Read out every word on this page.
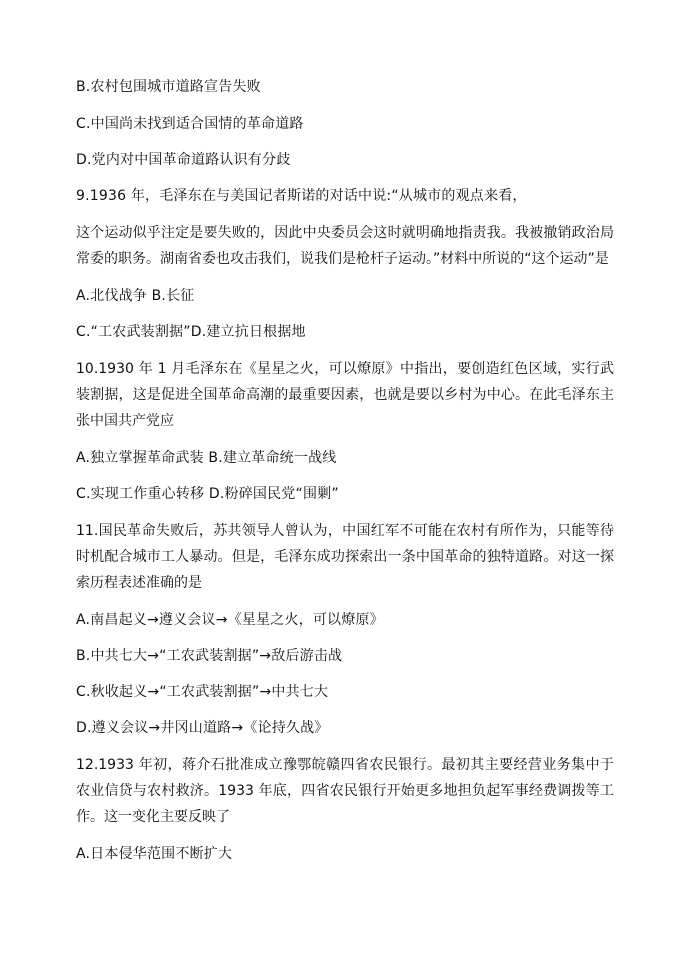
B.农村包围城市道路宣告失败
C.中国尚未找到适合国情的革命道路
D.党内对中国革命道路认识有分歧
9.1936 年，毛泽东在与美国记者斯诺的对话中说:“从城市的观点来看，
这个运动似乎注定是要失败的，因此中央委员会这时就明确地指责我。我被撤销政治局常委的职务。湖南省委也攻击我们，说我们是枪杆子运动。”材料中所说的“这个运动”是
A.北伐战争 B.长征
C.“工农武装割据”D.建立抗日根据地
10.1930 年 1 月毛泽东在《星星之火，可以燎原》中指出，要创造红色区域，实行武装割据，这是促进全国革命高潮的最重要因素，也就是要以乡村为中心。在此毛泽东主张中国共产党应
A.独立掌握革命武装 B.建立革命统一战线
C.实现工作重心转移 D.粉碎国民党“围剿”
11.国民革命失败后，苏共领导人曾认为，中国红军不可能在农村有所作为，只能等待时机配合城市工人暴动。但是，毛泽东成功探索出一条中国革命的独特道路。对这一探索历程表述准确的是
A.南昌起义→遵义会议→《星星之火，可以燎原》
B.中共七大→“工农武装割据”→敌后游击战
C.秋收起义→“工农武装割据”→中共七大
D.遵义会议→井冈山道路→《论持久战》
12.1933 年初，蒋介石批准成立豫鄂皖赣四省农民银行。最初其主要经营业务集中于农业信贷与农村救济。1933 年底，四省农民银行开始更多地担负起军事经费调拨等工作。这一变化主要反映了
A.日本侵华范围不断扩大
